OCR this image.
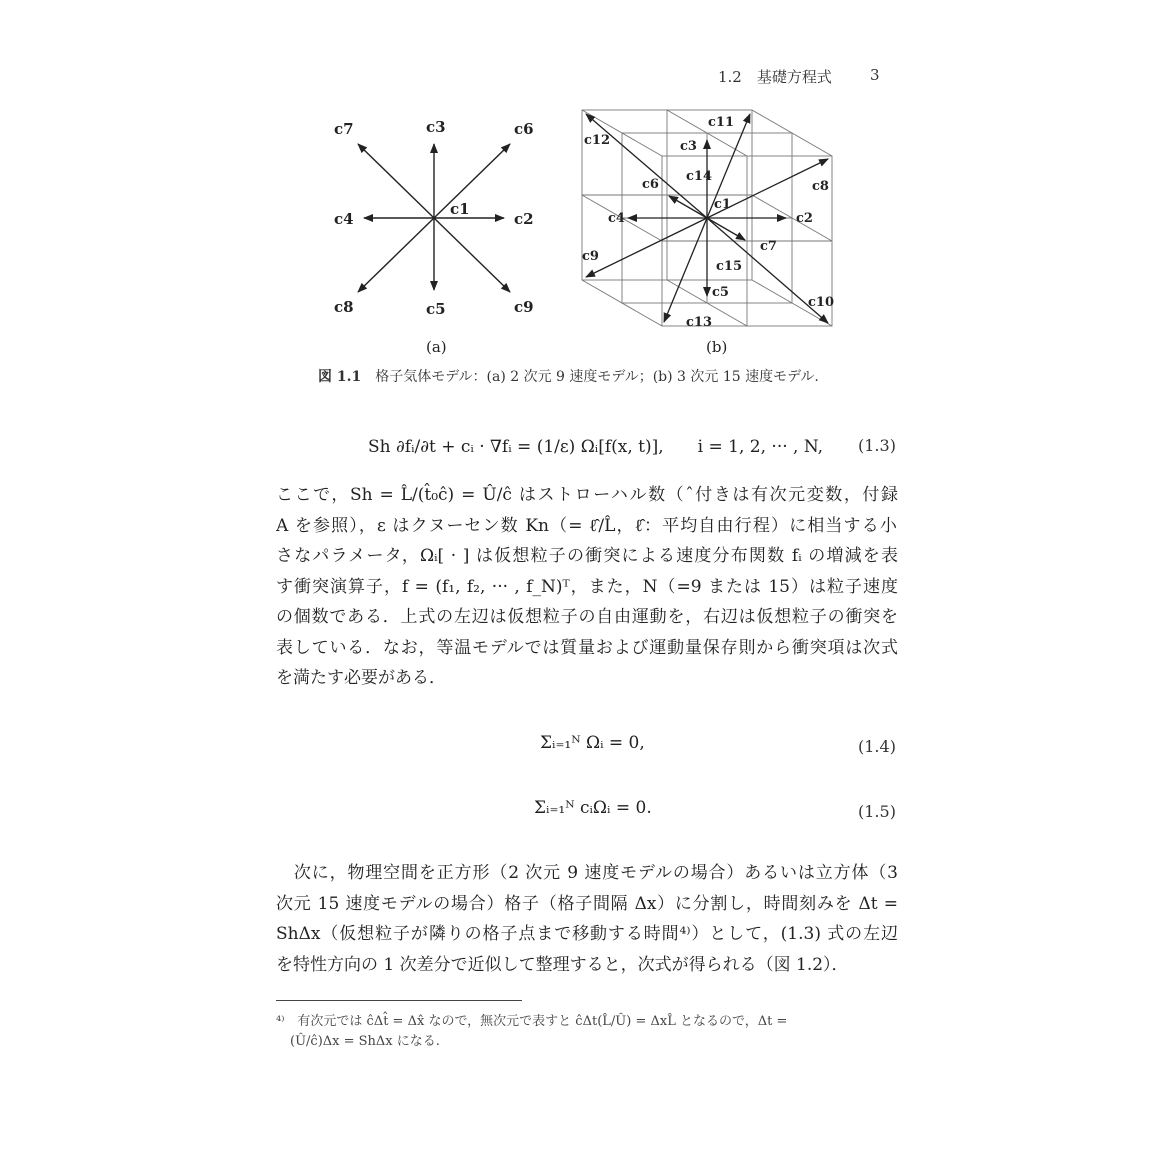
1.2　基礎方程式	3
c1
c2
c3
c4
c5
c6
c7
c8	c9
(a)
c1
c2
c3
c4
c5
c6
c7
c8
c9
c10
c11
c12
c13
c14
c15
(b)
図 1.1　 格子気体モデル：(a) 2 次元 9 速度モデル；(b) 3 次元 15 速度モデル.
Sh ∂fᵢ/∂t + cᵢ · ∇fᵢ = (1/ε) Ωᵢ[f(x, t)],　　i = 1, 2, ··· , N, (1.3)
ここで，Sh = L̂/(t̂₀ĉ) = Û/ĉ はストローハル数（ˆ付きは有次元変数，付録
A を参照），ε はクヌーセン数 Kn（= ℓ̂/L̂，ℓ̂：平均自由行程）に相当する小
さなパラメータ，Ωᵢ[ · ] は仮想粒子の衝突による速度分布関数 fᵢ の増減を表
す衝突演算子，f = (f₁, f₂, ··· , f_N)ᵀ，また，N（=9 または 15）は粒子速度
の個数である．上式の左辺は仮想粒子の自由運動を，右辺は仮想粒子の衝突を
表している．なお，等温モデルでは質量および運動量保存則から衝突項は次式
を満たす必要がある．
Σᵢ₌₁ᴺ Ωᵢ = 0,	(1.4)
Σᵢ₌₁ᴺ cᵢΩᵢ = 0.	(1.5)
　次に，物理空間を正方形（2 次元 9 速度モデルの場合）あるいは立方体（3
次元 15 速度モデルの場合）格子（格子間隔 Δx）に分割し，時間刻みを Δt =
ShΔx（仮想粒子が隣りの格子点まで移動する時間⁴⁾）として，(1.3) 式の左辺
を特性方向の 1 次差分で近似して整理すると，次式が得られる（図 1.2）．
⁴⁾　有次元では ĉΔt̂ = Δx̂ なので，無次元で表すと ĉΔt(L̂/Û) = ΔxL̂ となるので，Δt =
(Û/ĉ)Δx = ShΔx になる.
